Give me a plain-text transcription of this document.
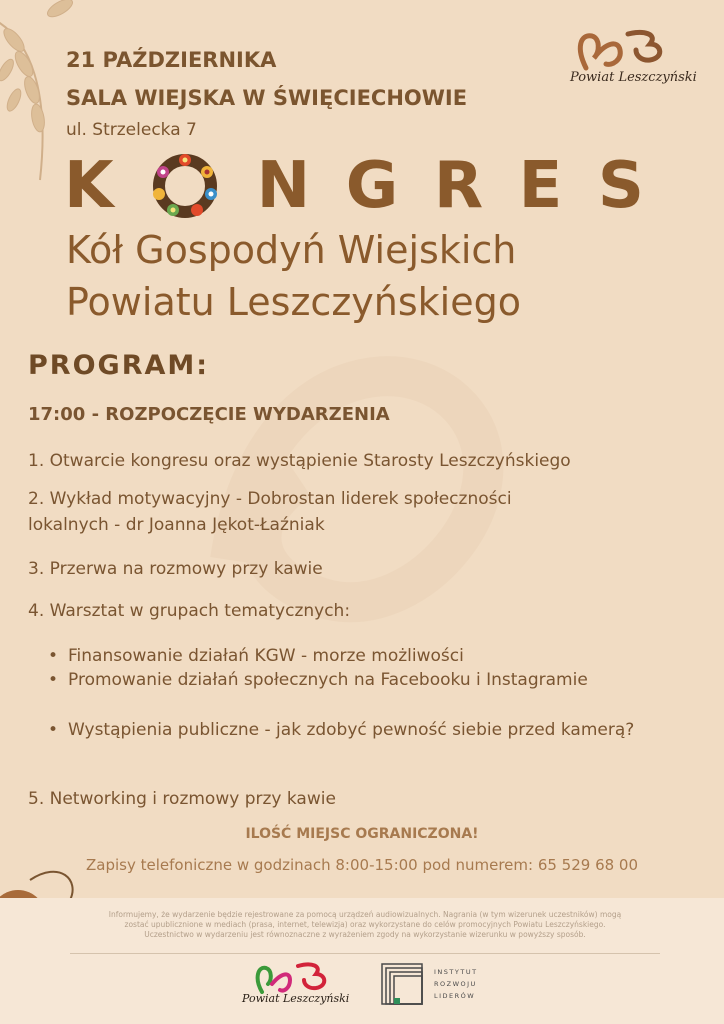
21 PAŹDZIERNIKA
SALA WIEJSKA W ŚWIĘCIECHOWIE
ul. Strzelecka 7
Powiat Leszczyński
K N G R E S
Kół Gospodyń Wiejskich
Powiatu Leszczyńskiego
PROGRAM:
17:00 - ROZPOCZĘCIE WYDARZENIA
1. Otwarcie kongresu oraz wystąpienie Starosty Leszczyńskiego
2. Wykład motywacyjny - Dobrostan liderek społeczności
lokalnych - dr Joanna Jękot-Łaźniak
3. Przerwa na rozmowy przy kawie
4. Warsztat w grupach tematycznych:
• Finansowanie działań KGW - morze możliwości
• Promowanie działań społecznych na Facebooku i Instagramie
• Wystąpienia publiczne - jak zdobyć pewność siebie przed kamerą?
5. Networking i rozmowy przy kawie
ILOŚĆ MIEJSC OGRANICZONA!
Zapisy telefoniczne w godzinach 8:00-15:00 pod numerem: 65 529 68 00
Informujemy, że wydarzenie będzie rejestrowane za pomocą urządzeń audiowizualnych. Nagrania (w tym wizerunek uczestników) mogą
zostać upublicznione w mediach (prasa, internet, telewizja) oraz wykorzystane do celów promocyjnych Powiatu Leszczyńskiego.
Uczestnictwo w wydarzeniu jest równoznaczne z wyrażeniem zgody na wykorzystanie wizerunku w powyższy sposób.
Powiat Leszczyński
INSTYTUT
ROZWOJU
LIDERÓW
